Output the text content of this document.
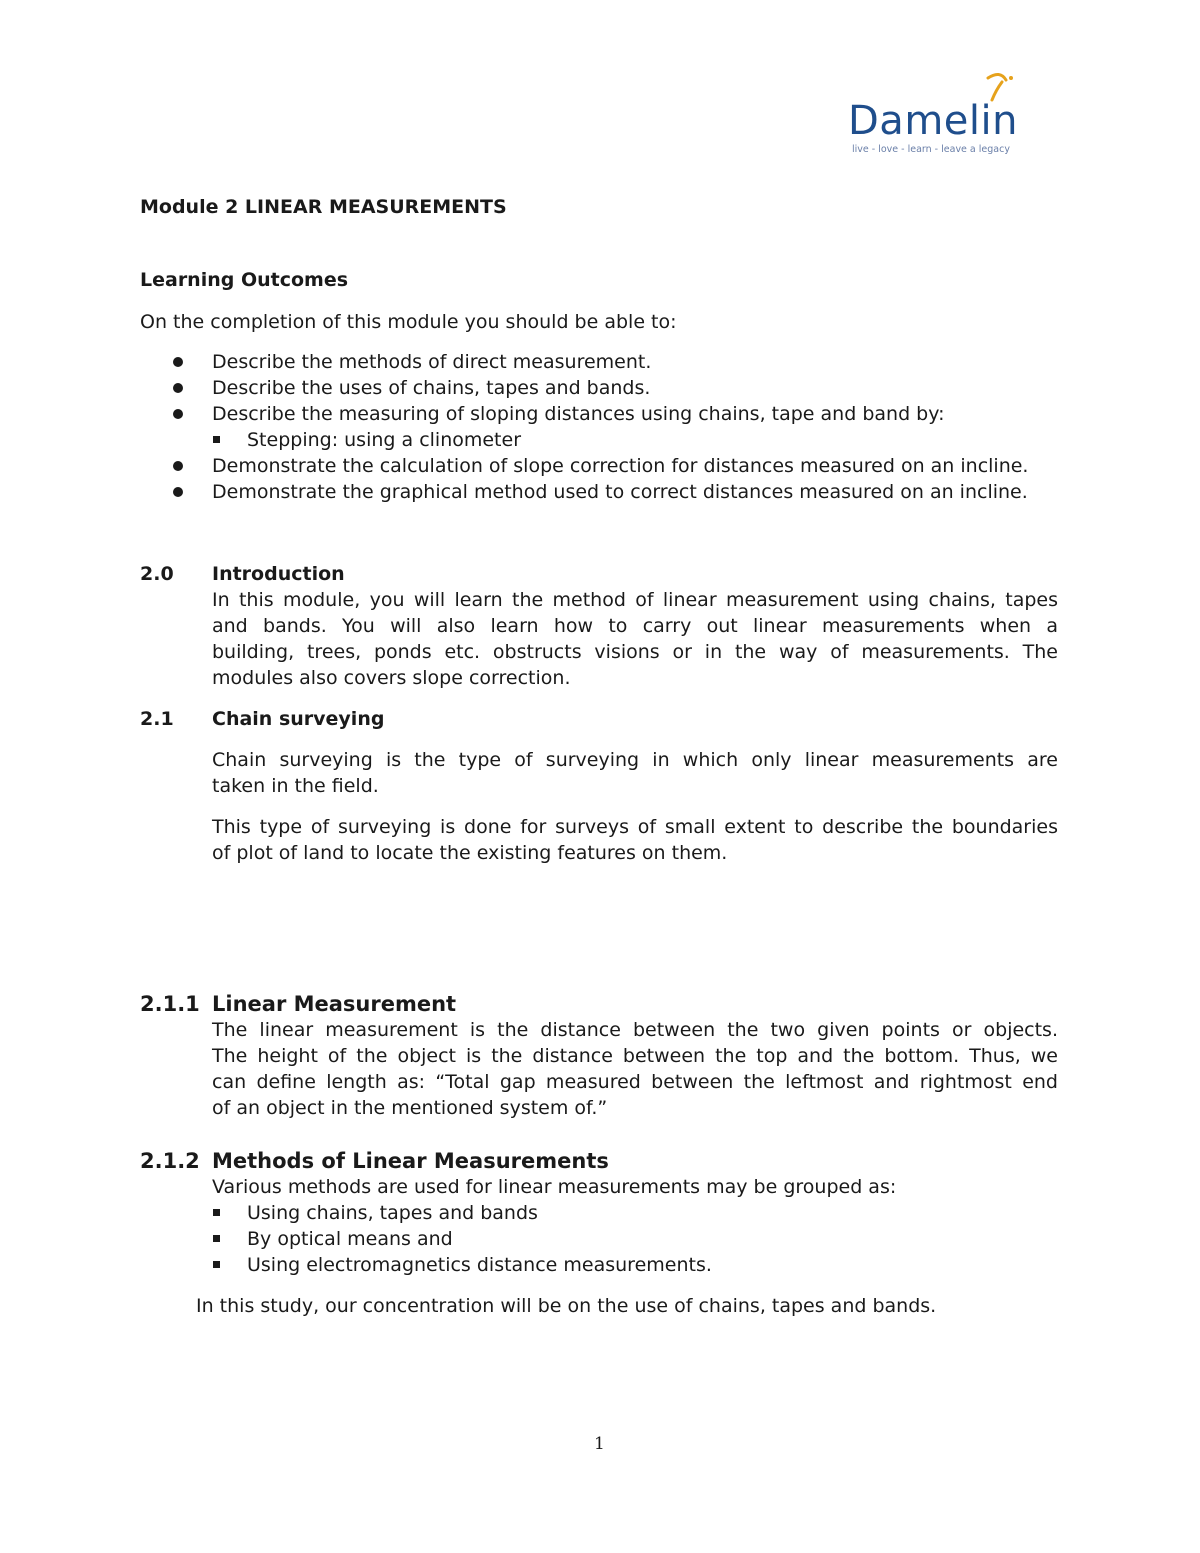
Damelin
live - love - learn - leave a legacy
Module 2 LINEAR MEASUREMENTS
Learning Outcomes
On the completion of this module you should be able to:
Describe the methods of direct measurement.
Describe the uses of chains, tapes and bands.
Describe the measuring of sloping distances using chains, tape and band by:
Stepping: using a clinometer
Demonstrate the calculation of slope correction for distances measured on an incline.
Demonstrate the graphical method used to correct distances measured on an incline.
2.0 Introduction
In this module, you will learn the method of linear measurement using chains, tapes
and bands. You will also learn how to carry out linear measurements when a
building, trees, ponds etc. obstructs visions or in the way of measurements. The
modules also covers slope correction.
2.1 Chain surveying
Chain surveying is the type of surveying in which only linear measurements are
taken in the field.
This type of surveying is done for surveys of small extent to describe the boundaries
of plot of land to locate the existing features on them.
2.1.1 Linear Measurement
The linear measurement is the distance between the two given points or objects.
The height of the object is the distance between the top and the bottom. Thus, we
can define length as: “Total gap measured between the leftmost and rightmost end
of an object in the mentioned system of.”
2.1.2 Methods of Linear Measurements
Various methods are used for linear measurements may be grouped as:
Using chains, tapes and bands
By optical means and
Using electromagnetics distance measurements.
In this study, our concentration will be on the use of chains, tapes and bands.
1
